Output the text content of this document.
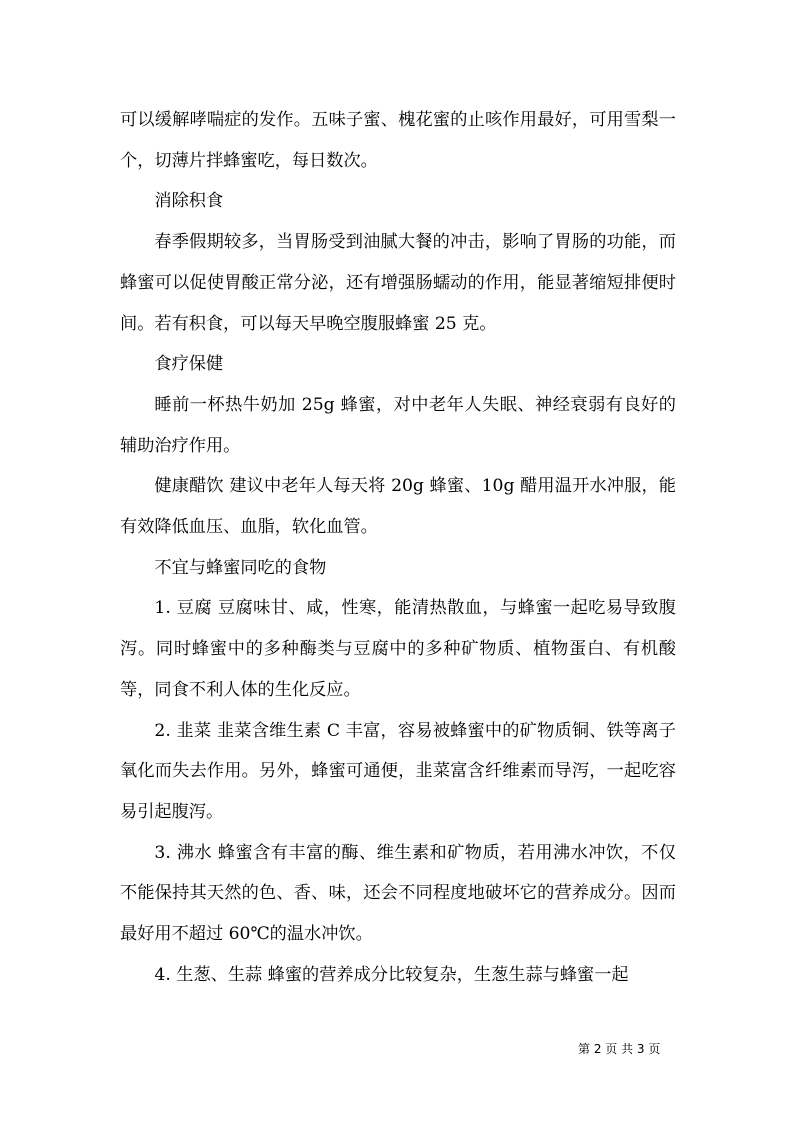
可以缓解哮喘症的发作。五味子蜜、槐花蜜的止咳作用最好，可用雪梨一个，切薄片拌蜂蜜吃，每日数次。

消除积食

春季假期较多，当胃肠受到油腻大餐的冲击，影响了胃肠的功能，而蜂蜜可以促使胃酸正常分泌，还有增强肠蠕动的作用，能显著缩短排便时间。若有积食，可以每天早晚空腹服蜂蜜 25 克。

食疗保健

睡前一杯热牛奶加 25g 蜂蜜，对中老年人失眠、神经衰弱有良好的辅助治疗作用。

健康醋饮 建议中老年人每天将 20g 蜂蜜、10g 醋用温开水冲服，能有效降低血压、血脂，软化血管。

不宜与蜂蜜同吃的食物

1. 豆腐 豆腐味甘、咸，性寒，能清热散血，与蜂蜜一起吃易导致腹泻。同时蜂蜜中的多种酶类与豆腐中的多种矿物质、植物蛋白、有机酸等，同食不利人体的生化反应。

2. 韭菜 韭菜含维生素 C 丰富，容易被蜂蜜中的矿物质铜、铁等离子氧化而失去作用。另外，蜂蜜可通便，韭菜富含纤维素而导泻，一起吃容易引起腹泻。

3. 沸水 蜂蜜含有丰富的酶、维生素和矿物质，若用沸水冲饮，不仅不能保持其天然的色、香、味，还会不同程度地破坏它的营养成分。因而最好用不超过 60℃的温水冲饮。

4. 生葱、生蒜 蜂蜜的营养成分比较复杂，生葱生蒜与蜂蜜一起

第 2 页 共 3 页
